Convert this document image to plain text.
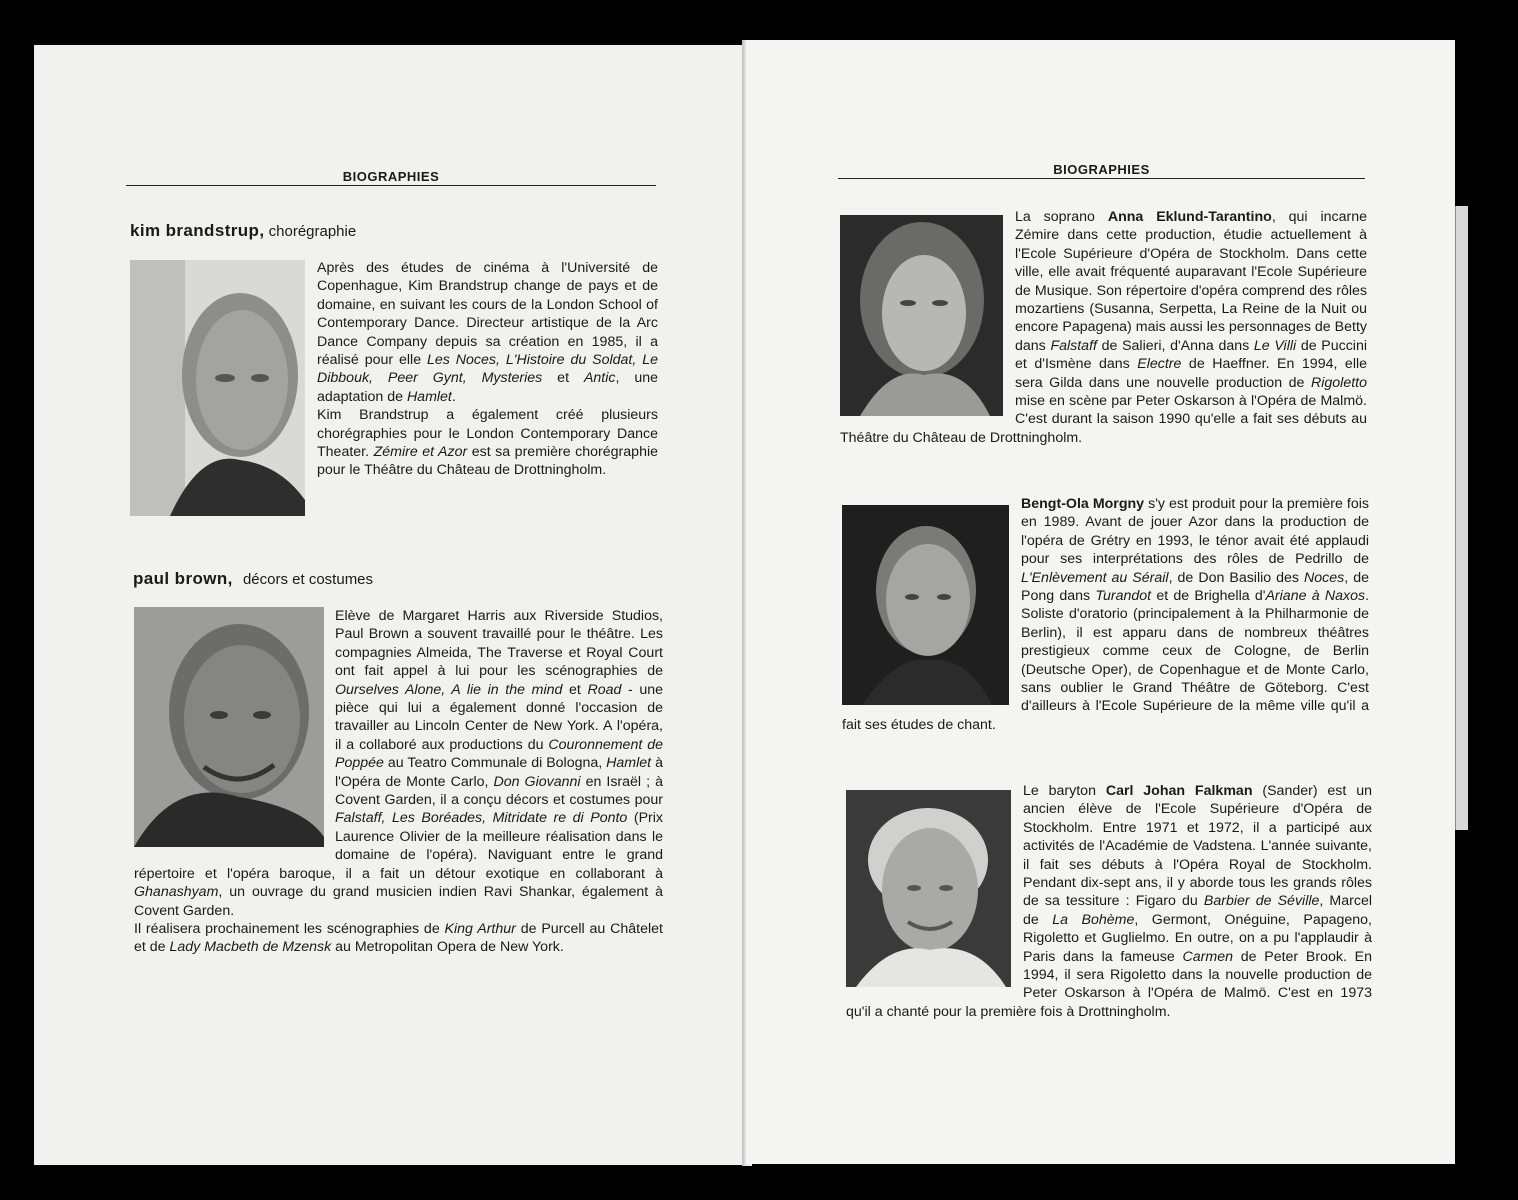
BIOGRAPHIES
kim brandstrup, chorégraphie

Après des études de cinéma à l'Université de Copenhague, Kim Brandstrup change de pays et de domaine, en suivant les cours de la London School of Contemporary Dance. Directeur artistique de la Arc Dance Company depuis sa création en 1985, il a réalisé pour elle Les Noces, L'Histoire du Soldat, Le Dibbouk, Peer Gynt, Mysteries et Antic, une adaptation de Hamlet.
Kim Brandstrup a également créé plusieurs chorégraphies pour le London Contemporary Dance Theater. Zémire et Azor est sa première chorégraphie pour le Théâtre du Château de Drottningholm.

paul brown, décors et costumes

Elève de Margaret Harris aux Riverside Studios, Paul Brown a souvent travaillé pour le théâtre. Les compagnies Almeida, The Traverse et Royal Court ont fait appel à lui pour les scénographies de Ourselves Alone, A lie in the mind et Road - une pièce qui lui a également donné l'occasion de travailler au Lincoln Center de New York. A l'opéra, il a collaboré aux productions du Couronnement de Poppée au Teatro Communale di Bologna, Hamlet à l'Opéra de Monte Carlo, Don Giovanni en Israël ; à Covent Garden, il a conçu décors et costumes pour Falstaff, Les Boréades, Mitridate re di Ponto (Prix Laurence Olivier de la meilleure réalisation dans le domaine de l'opéra). Naviguant entre le grand répertoire et l'opéra baroque, il a fait un détour exotique en collaborant à Ghanashyam, un ouvrage du grand musicien indien Ravi Shankar, également à Covent Garden.
Il réalisera prochainement les scénographies de King Arthur de Purcell au Châtelet et de Lady Macbeth de Mzensk au Metropolitan Opera de New York.

BIOGRAPHIES

La soprano Anna Eklund-Tarantino, qui incarne Zémire dans cette production, étudie actuellement à l'Ecole Supérieure d'Opéra de Stockholm. Dans cette ville, elle avait fréquenté auparavant l'Ecole Supérieure de Musique. Son répertoire d'opéra comprend des rôles mozartiens (Susanna, Serpetta, La Reine de la Nuit ou encore Papagena) mais aussi les personnages de Betty dans Falstaff de Salieri, d'Anna dans Le Villi de Puccini et d'Ismène dans Electre de Haeffner. En 1994, elle sera Gilda dans une nouvelle production de Rigoletto mise en scène par Peter Oskarson à l'Opéra de Malmö. C'est durant la saison 1990 qu'elle a fait ses débuts au Théâtre du Château de Drottningholm.

Bengt-Ola Morgny s'y est produit pour la première fois en 1989. Avant de jouer Azor dans la production de l'opéra de Grétry en 1993, le ténor avait été applaudi pour ses interprétations des rôles de Pedrillo de L'Enlèvement au Sérail, de Don Basilio des Noces, de Pong dans Turandot et de Brighella d'Ariane à Naxos. Soliste d'oratorio (principalement à la Philharmonie de Berlin), il est apparu dans de nombreux théâtres prestigieux comme ceux de Cologne, de Berlin (Deutsche Oper), de Copenhague et de Monte Carlo, sans oublier le Grand Théâtre de Göteborg. C'est d'ailleurs à l'Ecole Supérieure de la même ville qu'il a fait ses études de chant.

Le baryton Carl Johan Falkman (Sander) est un ancien élève de l'Ecole Supérieure d'Opéra de Stockholm. Entre 1971 et 1972, il a participé aux activités de l'Académie de Vadstena. L'année suivante, il fait ses débuts à l'Opéra Royal de Stockholm. Pendant dix-sept ans, il y aborde tous les grands rôles de sa tessiture : Figaro du Barbier de Séville, Marcel de La Bohème, Germont, Onéguine, Papageno, Rigoletto et Guglielmo. En outre, on a pu l'applaudir à Paris dans la fameuse Carmen de Peter Brook. En 1994, il sera Rigoletto dans la nouvelle production de Peter Oskarson à l'Opéra de Malmö. C'est en 1973 qu'il a chanté pour la première fois à Drottningholm.
